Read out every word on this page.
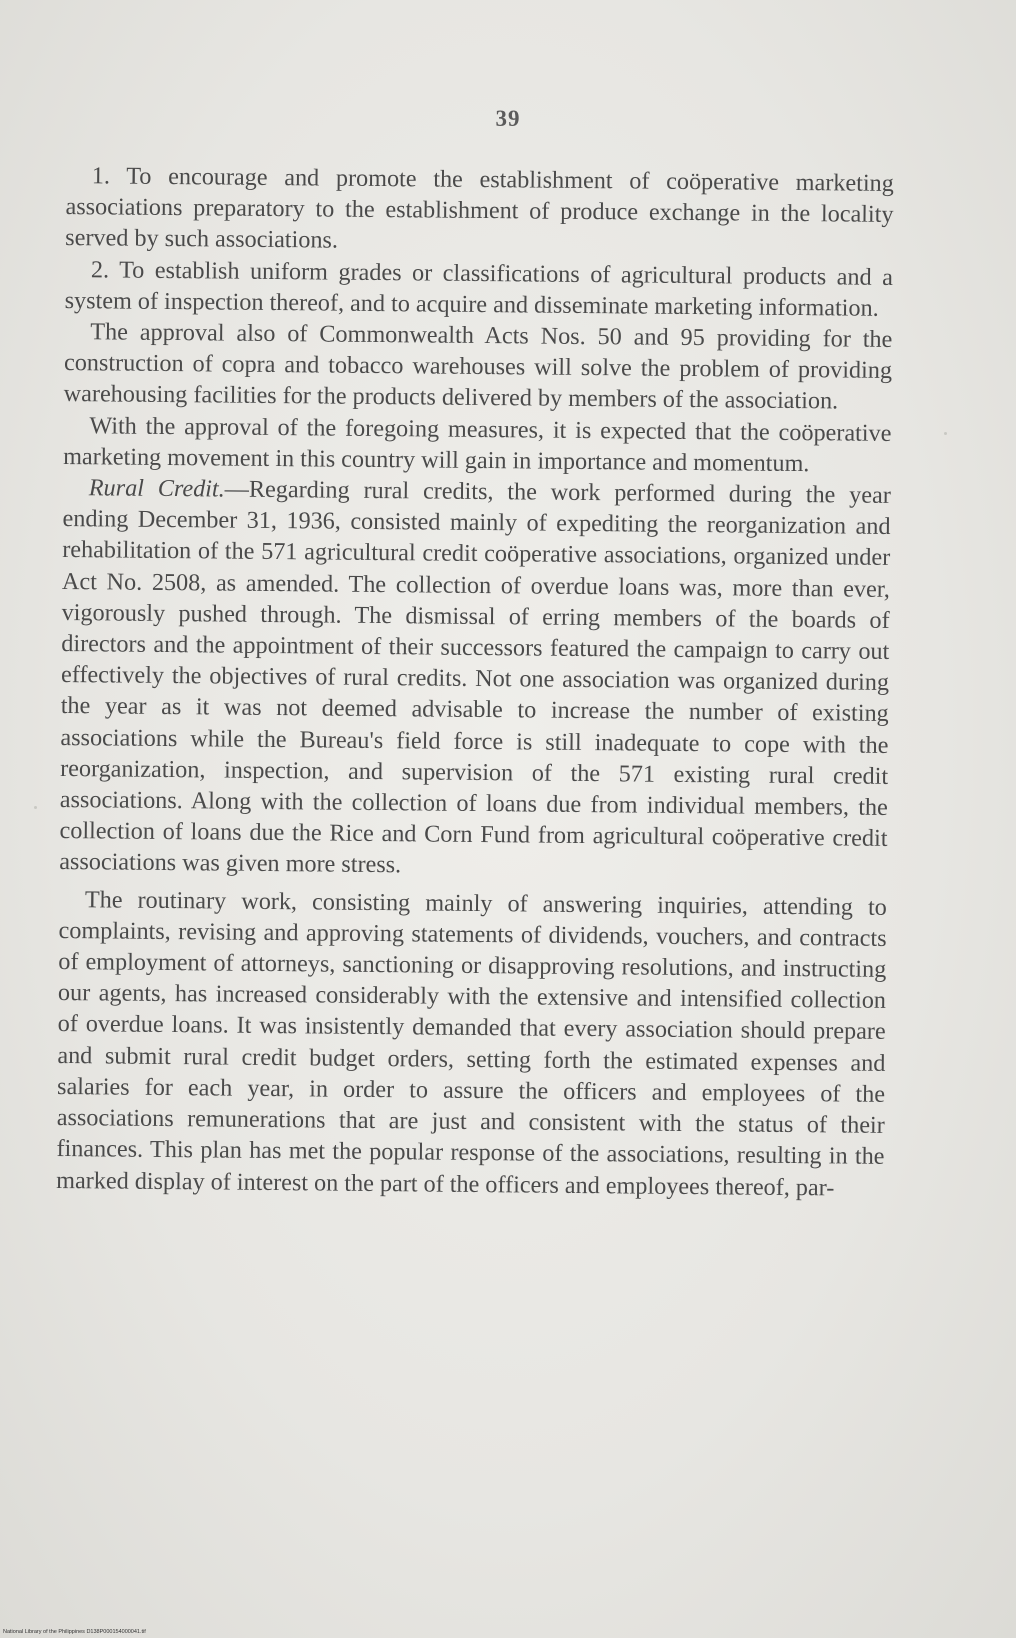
39

1. To encourage and promote the establishment of coöperative marketing associations preparatory to the establishment of produce exchange in the locality served by such associations.

2. To establish uniform grades or classifications of agricultural products and a system of inspection thereof, and to acquire and disseminate marketing information.

The approval also of Commonwealth Acts Nos. 50 and 95 providing for the construction of copra and tobacco warehouses will solve the problem of providing warehousing facilities for the products delivered by members of the association.

With the approval of the foregoing measures, it is expected that the coöperative marketing movement in this country will gain in importance and momentum.

Rural Credit.—Regarding rural credits, the work performed during the year ending December 31, 1936, consisted mainly of expediting the reorganization and rehabilitation of the 571 agricultural credit coöperative associations, organized under Act No. 2508, as amended. The collection of overdue loans was, more than ever, vigorously pushed through. The dismissal of erring members of the boards of directors and the appointment of their successors featured the campaign to carry out effectively the objectives of rural credits. Not one association was organized during the year as it was not deemed advisable to increase the number of existing associations while the Bureau's field force is still inadequate to cope with the reorganization, inspection, and supervision of the 571 existing rural credit associations. Along with the collection of loans due from individual members, the collection of loans due the Rice and Corn Fund from agricultural coöperative credit associations was given more stress.

The routinary work, consisting mainly of answering inquiries, attending to complaints, revising and approving statements of dividends, vouchers, and contracts of employment of attorneys, sanctioning or disapproving resolutions, and instructing our agents, has increased considerably with the extensive and intensified collection of overdue loans. It was insistently demanded that every association should prepare and submit rural credit budget orders, setting forth the estimated expenses and salaries for each year, in order to assure the officers and employees of the associations remunerations that are just and consistent with the status of their finances. This plan has met the popular response of the associations, resulting in the marked display of interest on the part of the officers and employees thereof, par-

National Library of the Philippines D138P000154000041.tif
